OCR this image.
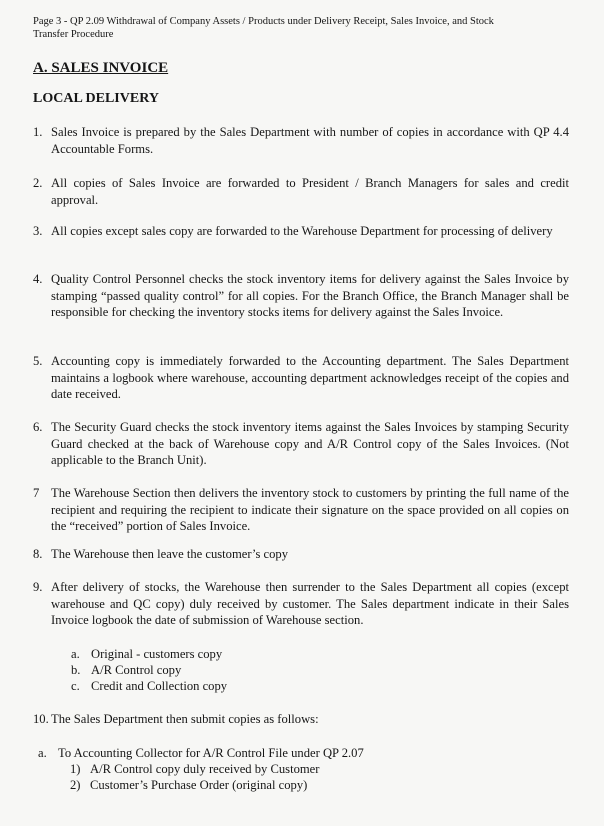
Page 3 - QP 2.09 Withdrawal of Company Assets / Products under Delivery Receipt, Sales Invoice, and Stock
Transfer Procedure
A. SALES INVOICE
LOCAL DELIVERY
1. Sales Invoice is prepared by the Sales Department with number of copies in accordance with QP 4.4 Accountable Forms.
2. All copies of Sales Invoice are forwarded to President / Branch Managers for sales and credit approval.
3. All copies except sales copy are forwarded to the Warehouse Department for processing of delivery
4. Quality Control Personnel checks the stock inventory items for delivery against the Sales Invoice by stamping “passed quality control” for all copies. For the Branch Office, the Branch Manager shall be responsible for checking the inventory stocks items for delivery against the Sales Invoice.
5. Accounting copy is immediately forwarded to the Accounting department. The Sales Department maintains a logbook where warehouse, accounting department acknowledges receipt of the copies and date received.
6. The Security Guard checks the stock inventory items against the Sales Invoices by stamping Security Guard checked at the back of Warehouse copy and A/R Control copy of the Sales Invoices. (Not applicable to the Branch Unit).
7 The Warehouse Section then delivers the inventory stock to customers by printing the full name of the recipient and requiring the recipient to indicate their signature on the space provided on all copies on the “received” portion of Sales Invoice.
8. The Warehouse then leave the customer’s copy
9. After delivery of stocks, the Warehouse then surrender to the Sales Department all copies (except warehouse and QC copy) duly received by customer. The Sales department indicate in their Sales Invoice logbook the date of submission of Warehouse section.
a. Original - customers copy
b. A/R Control copy
c. Credit and Collection copy
10. The Sales Department then submit copies as follows:
a. To Accounting Collector for A/R Control File under QP 2.07
1) A/R Control copy duly received by Customer
2) Customer’s Purchase Order (original copy)
